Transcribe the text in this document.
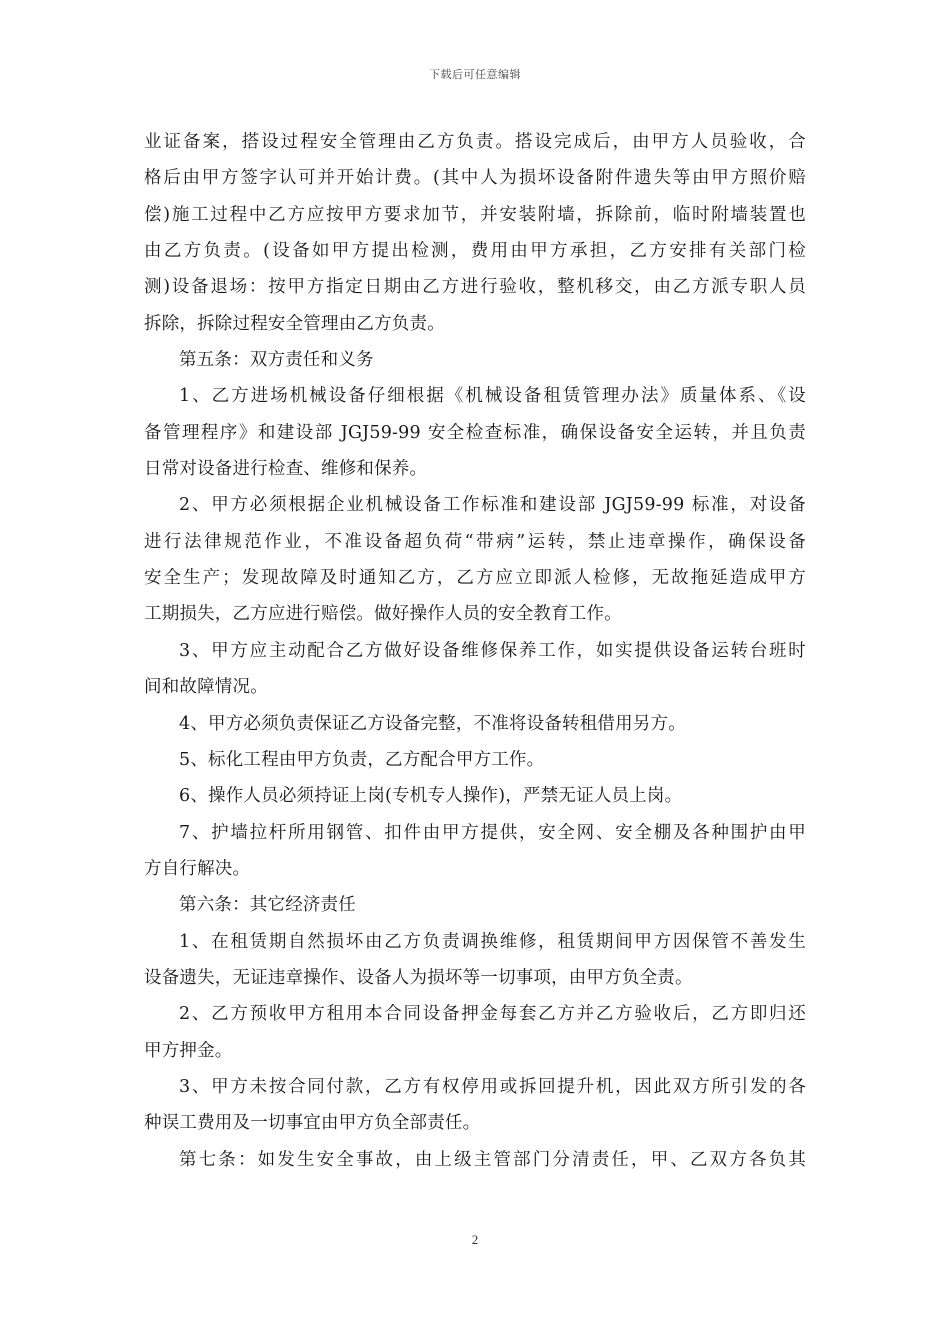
下载后可任意编辑
业证备案，搭设过程安全管理由乙方负责。搭设完成后，由甲方人员验收，合
格后由甲方签字认可并开始计费。(其中人为损坏设备附件遗失等由甲方照价赔
偿)施工过程中乙方应按甲方要求加节，并安装附墙，拆除前，临时附墙装置也
由乙方负责。(设备如甲方提出检测，费用由甲方承担，乙方安排有关部门检
测)设备退场：按甲方指定日期由乙方进行验收，整机移交，由乙方派专职人员
拆除，拆除过程安全管理由乙方负责。
第五条：双方责任和义务
1、乙方进场机械设备仔细根据《机械设备租赁管理办法》质量体系、《设
备管理程序》和建设部 JGJ59-99 安全检查标准，确保设备安全运转，并且负责
日常对设备进行检查、维修和保养。
2、甲方必须根据企业机械设备工作标准和建设部 JGJ59-99 标准，对设备
进行法律规范作业，不准设备超负荷“带病”运转，禁止违章操作，确保设备
安全生产；发现故障及时通知乙方，乙方应立即派人检修，无故拖延造成甲方
工期损失，乙方应进行赔偿。做好操作人员的安全教育工作。
3、甲方应主动配合乙方做好设备维修保养工作，如实提供设备运转台班时
间和故障情况。
4、甲方必须负责保证乙方设备完整，不准将设备转租借用另方。
5、标化工程由甲方负责，乙方配合甲方工作。
6、操作人员必须持证上岗(专机专人操作)，严禁无证人员上岗。
7、护墙拉杆所用钢管、扣件由甲方提供，安全网、安全棚及各种围护由甲
方自行解决。
第六条：其它经济责任
1、在租赁期自然损坏由乙方负责调换维修，租赁期间甲方因保管不善发生
设备遗失，无证违章操作、设备人为损坏等一切事项，由甲方负全责。
2、乙方预收甲方租用本合同设备押金每套乙方并乙方验收后，乙方即归还
甲方押金。
3、甲方未按合同付款，乙方有权停用或拆回提升机，因此双方所引发的各
种误工费用及一切事宜由甲方负全部责任。
第七条：如发生安全事故，由上级主管部门分清责任，甲、乙双方各负其
2
